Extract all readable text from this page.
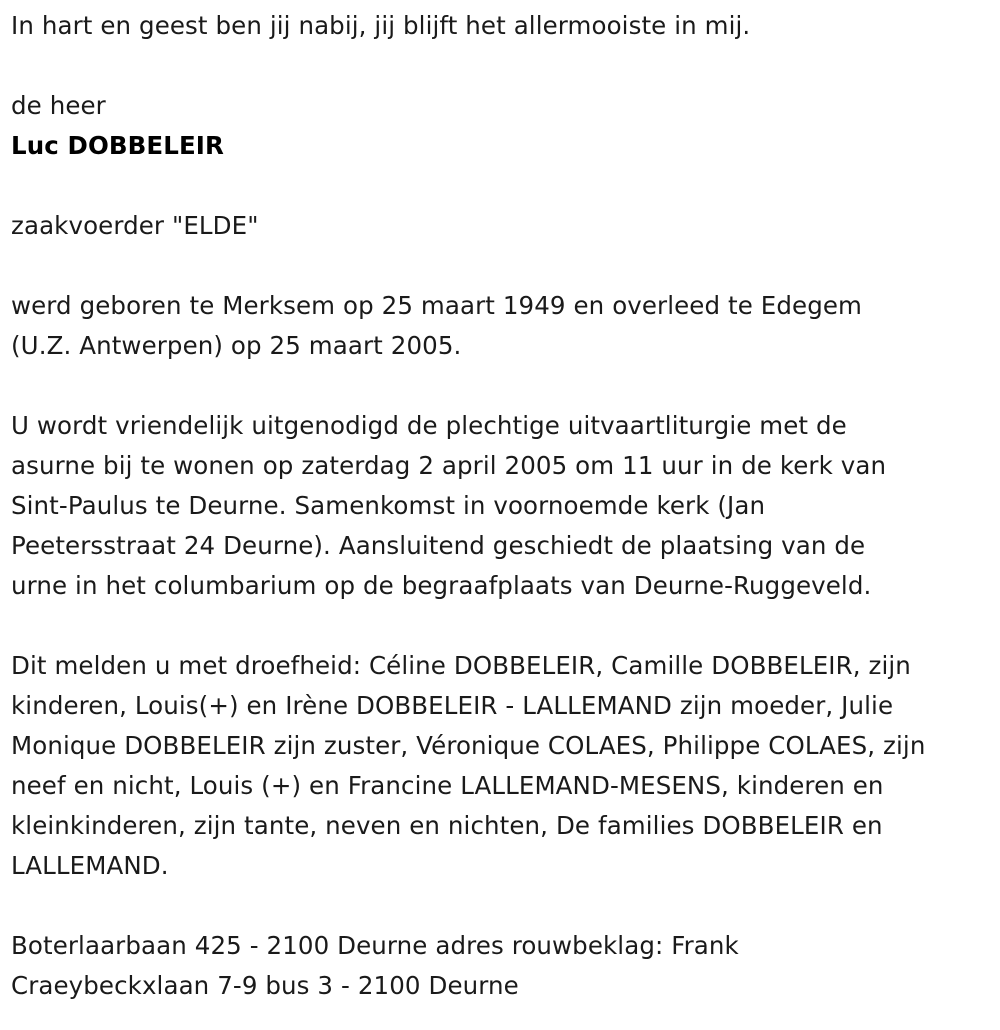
In hart en geest ben jij nabij, jij blijft het allermooiste in mij.

de heer

Luc DOBBELEIR

zaakvoerder "ELDE"

werd geboren te Merksem op 25 maart 1949 en overleed te Edegem
(U.Z. Antwerpen) op 25 maart 2005.
U wordt vriendelijk uitgenodigd de plechtige uitvaartliturgie met de
asurne bij te wonen op zaterdag 2 april 2005 om 11 uur in de kerk van
Sint-Paulus te Deurne. Samenkomst in voornoemde kerk (Jan
Peetersstraat 24 Deurne). Aansluitend geschiedt de plaatsing van de
urne in het columbarium op de begraafplaats van Deurne-Ruggeveld.
Dit melden u met droefheid: Céline DOBBELEIR, Camille DOBBELEIR, zijn
kinderen, Louis(+) en Irène DOBBELEIR - LALLEMAND zijn moeder, Julie
Monique DOBBELEIR zijn zuster, Véronique COLAES, Philippe COLAES, zijn
neef en nicht, Louis (+) en Francine LALLEMAND-MESENS, kinderen en
kleinkinderen, zijn tante, neven en nichten, De families DOBBELEIR en
LALLEMAND.
Boterlaarbaan 425 - 2100 Deurne adres rouwbeklag: Frank
Craeybeckxlaan 7-9 bus 3 - 2100 Deurne
